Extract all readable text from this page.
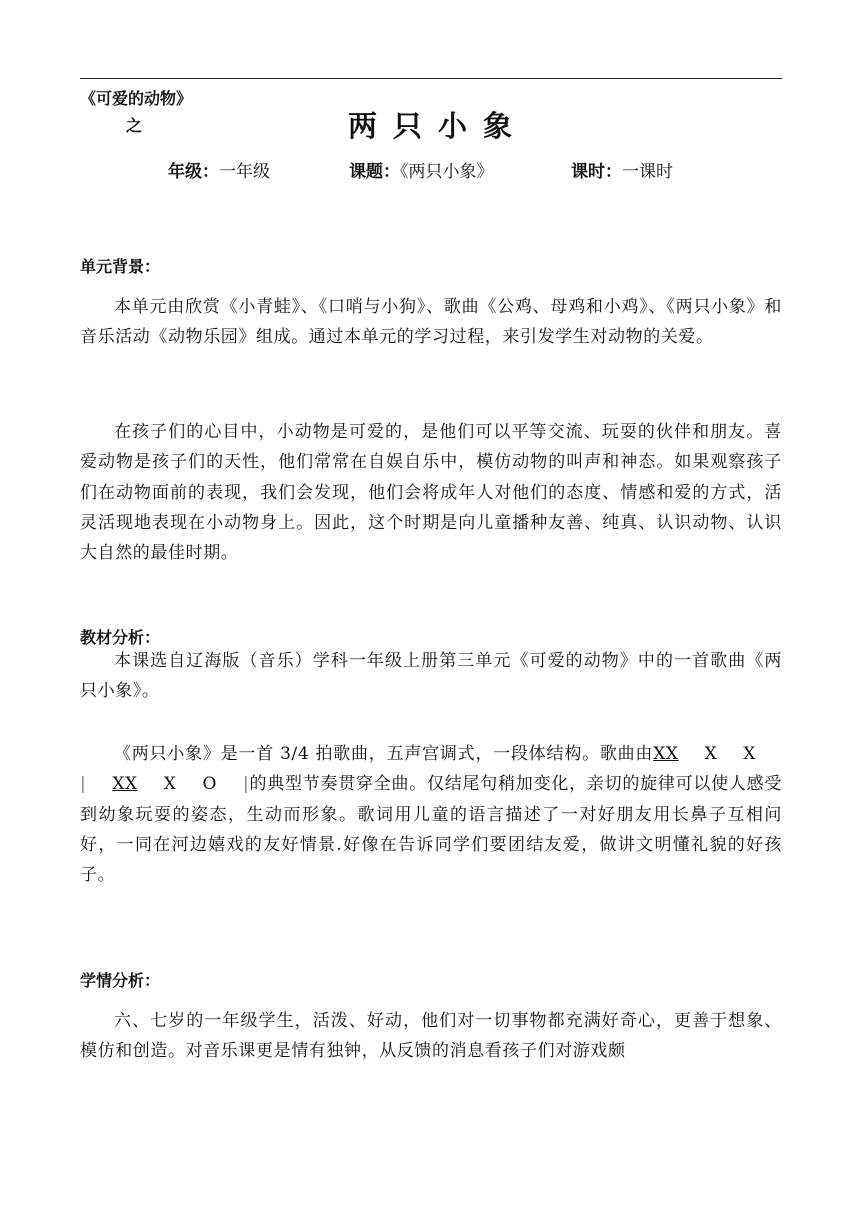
《可爱的动物》
之	两只小象
年级：一年级	课题：《两只小象》	课时：一课时
单元背景：
本单元由欣赏《小青蛙》、《口哨与小狗》、歌曲《公鸡、母鸡和小鸡》、《两只小象》和音乐活动《动物乐园》组成。通过本单元的学习过程，来引发学生对动物的关爱。
在孩子们的心目中，小动物是可爱的，是他们可以平等交流、玩耍的伙伴和朋友。喜爱动物是孩子们的天性，他们常常在自娱自乐中，模仿动物的叫声和神态。如果观察孩子们在动物面前的表现，我们会发现，他们会将成年人对他们的态度、情感和爱的方式，活灵活现地表现在小动物身上。因此，这个时期是向儿童播种友善、纯真、认识动物、认识大自然的最佳时期。
教材分析：
本课选自辽海版（音乐）学科一年级上册第三单元《可爱的动物》中的一首歌曲《两只小象》。
《两只小象》是一首 3/4 拍歌曲，五声宫调式，一段体结构。歌曲由XX X X| XX X O |的典型节奏贯穿全曲。仅结尾句稍加变化，亲切的旋律可以使人感受到幼象玩耍的姿态，生动而形象。歌词用儿童的语言描述了一对好朋友用长鼻子互相问好，一同在河边嬉戏的友好情景.好像在告诉同学们要团结友爱，做讲文明懂礼貌的好孩子。
学情分析：
六、七岁的一年级学生，活泼、好动，他们对一切事物都充满好奇心，更善于想象、模仿和创造。对音乐课更是情有独钟，从反馈的消息看孩子们对游戏颇
